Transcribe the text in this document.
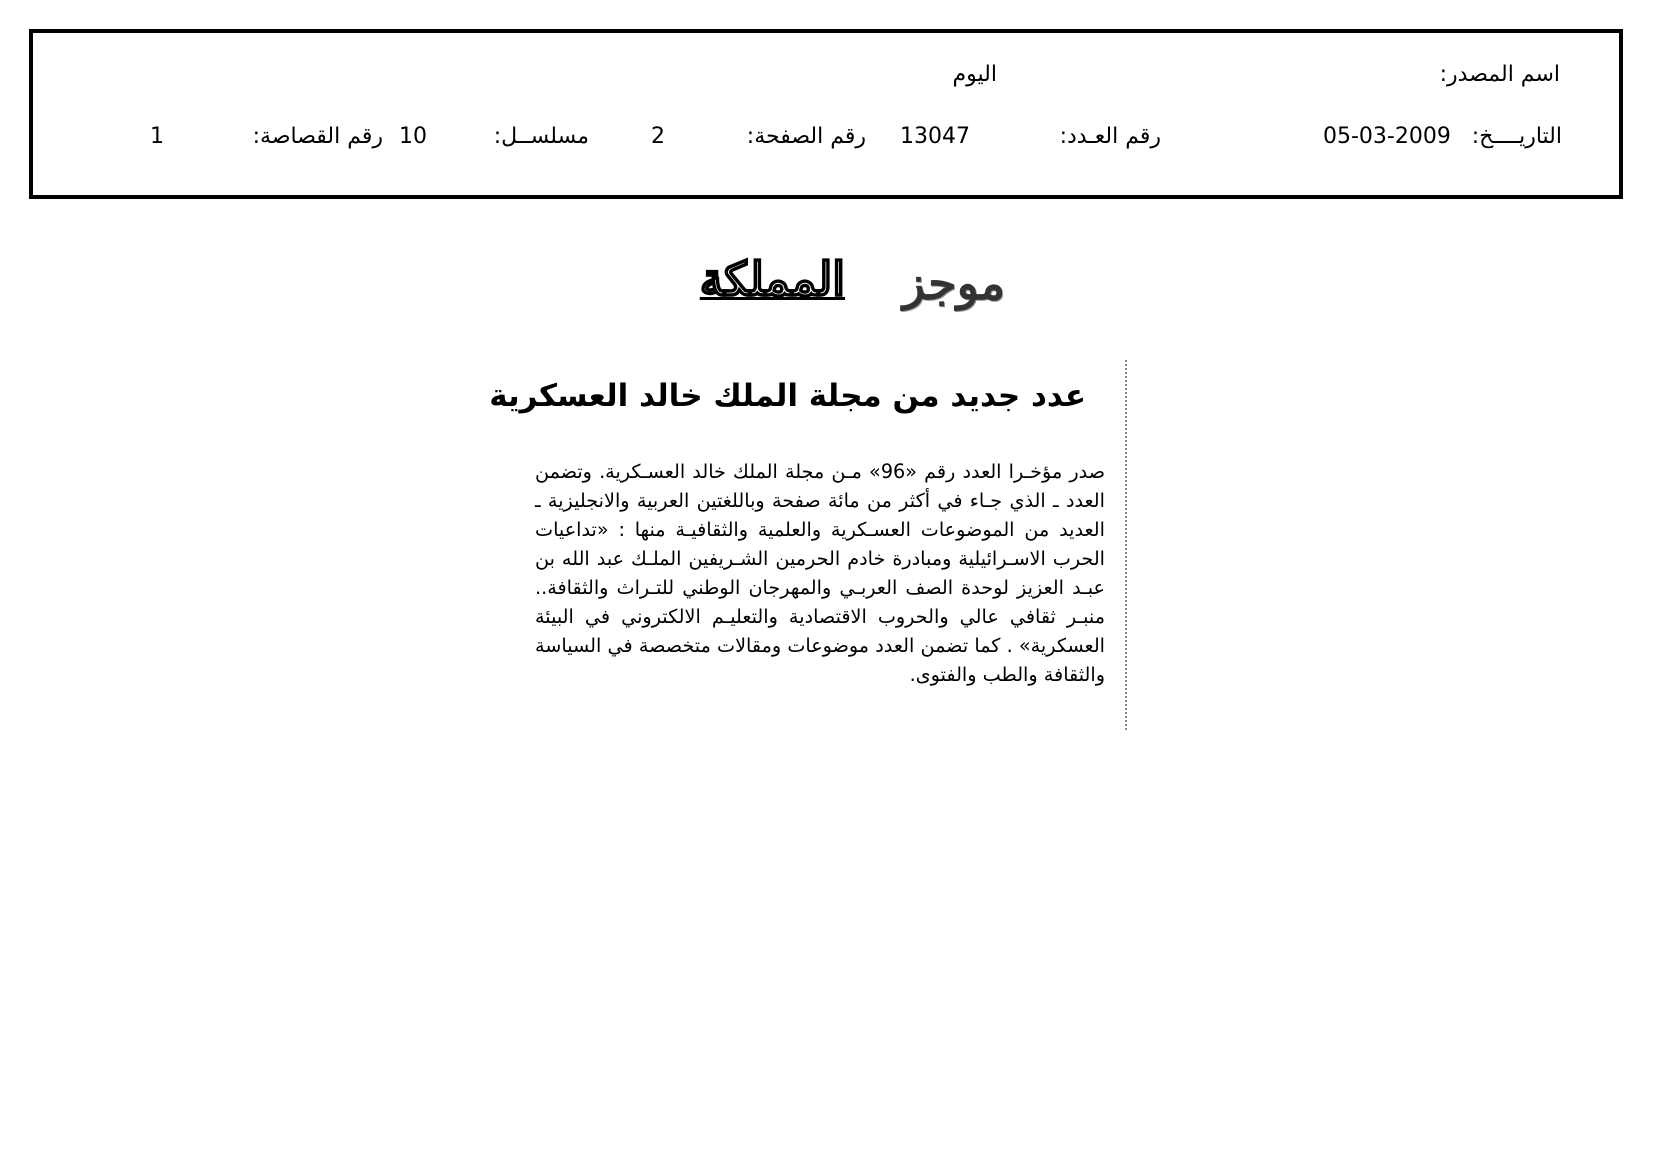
اسم المصدر:
اليوم
التاريــــخ:
05-03-2009
رقم العـدد:
13047
رقم الصفحة:
2
مسلســل:
10
رقم القصاصة:
1
موجز
المملكة
عدد جديد من مجلة الملك خالد العسكرية
صدر مؤخـرا العدد رقم «96» مـن مجلة الملك خالد العسـكرية. وتضمن العدد ـ الذي جـاء في أكثر من مائة صفحة وباللغتين العربية والانجليزية ـ العديد من الموضوعات العسـكرية والعلمية والثقافيـة منها : «تداعيات الحرب الاسـرائيلية ومبادرة خادم الحرمين الشـريفين الملـك عبد الله بن عبـد العزيز لوحدة الصف العربـي والمهرجان الوطني للتـراث والثقافة.. منبـر ثقافي عالي والحروب الاقتصادية والتعليـم الالكتروني في البيئة العسكرية» . كما تضمن العدد موضوعات ومقالات متخصصة في السياسة والثقافة والطب والفتوى.
